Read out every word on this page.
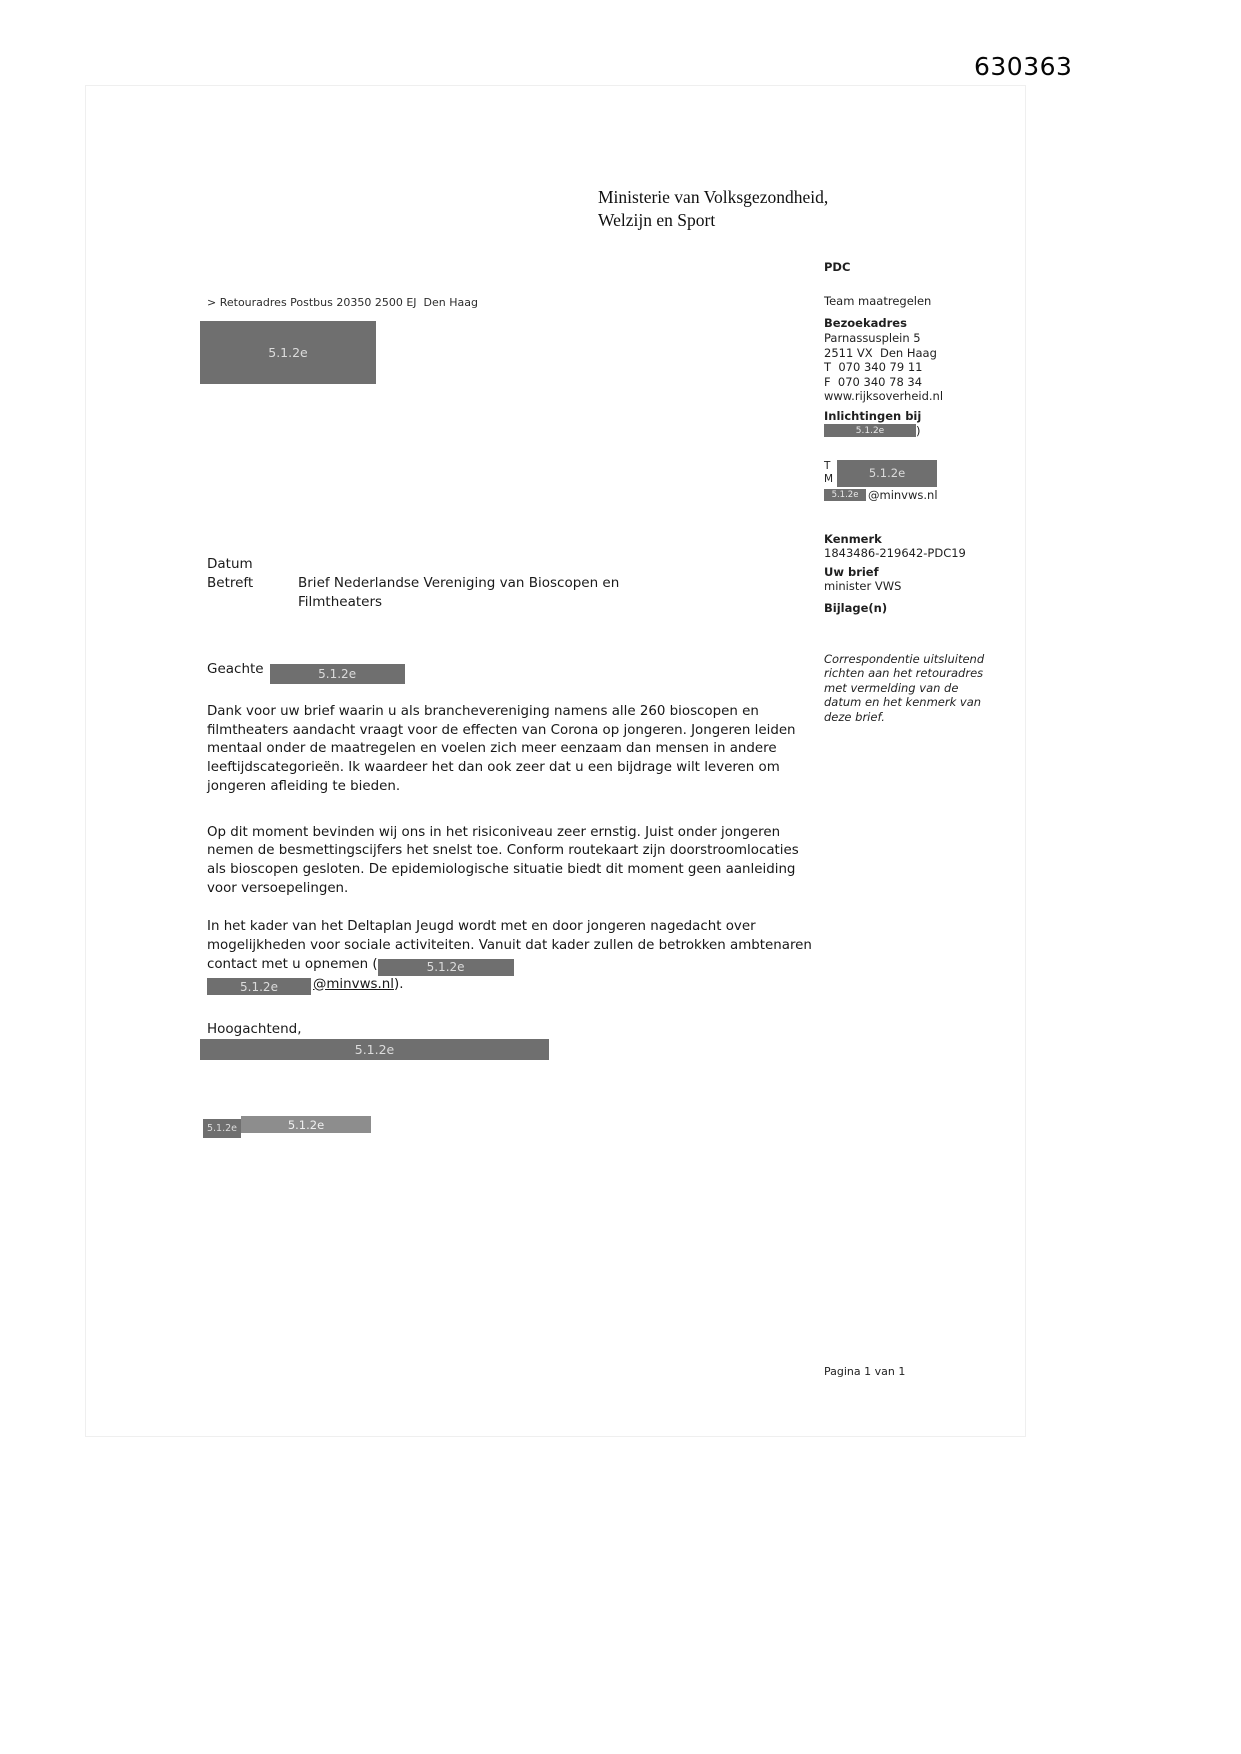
630363
Ministerie van Volksgezondheid,
Welzijn en Sport
> Retouradres Postbus 20350 2500 EJ  Den Haag
5.1.2e
PDC
Team maatregelen
Bezoekadres
Parnassusplein 5
2511 VX  Den Haag
T  070 340 79 11
F  070 340 78 34
www.rijksoverheid.nl
Inlichtingen bij
5.1.2e	)
T
M	5.1.2e
5.1.2e @minvws.nl
Kenmerk
1843486-219642-PDC19
Uw brief
minister VWS
Bijlage(n)
Correspondentie uitsluitend richten aan het retouradres met vermelding van de datum en het kenmerk van deze brief.
Datum
Betreft	Brief Nederlandse Vereniging van Bioscopen en Filmtheaters
Geachte	5.1.2e

Dank voor uw brief waarin u als branchevereniging namens alle 260 bioscopen en filmtheaters aandacht vraagt voor de effecten van Corona op jongeren. Jongeren leiden mentaal onder de maatregelen en voelen zich meer eenzaam dan mensen in andere leeftijdscategorieën. Ik waardeer het dan ook zeer dat u een bijdrage wilt leveren om jongeren afleiding te bieden.

Op dit moment bevinden wij ons in het risiconiveau zeer ernstig. Juist onder jongeren nemen de besmettingscijfers het snelst toe. Conform routekaart zijn doorstroomlocaties als bioscopen gesloten. De epidemiologische situatie biedt dit moment geen aanleiding voor versoepelingen.

In het kader van het Deltaplan Jeugd wordt met en door jongeren nagedacht over mogelijkheden voor sociale activiteiten. Vanuit dat kader zullen de betrokken ambtenaren contact met u opnemen (	5.1.2e

5.1.2e	@minvws.nl).

Hoogachtend,
5.1.2e
5.1.2e	5.1.2e
Pagina 1 van 1
